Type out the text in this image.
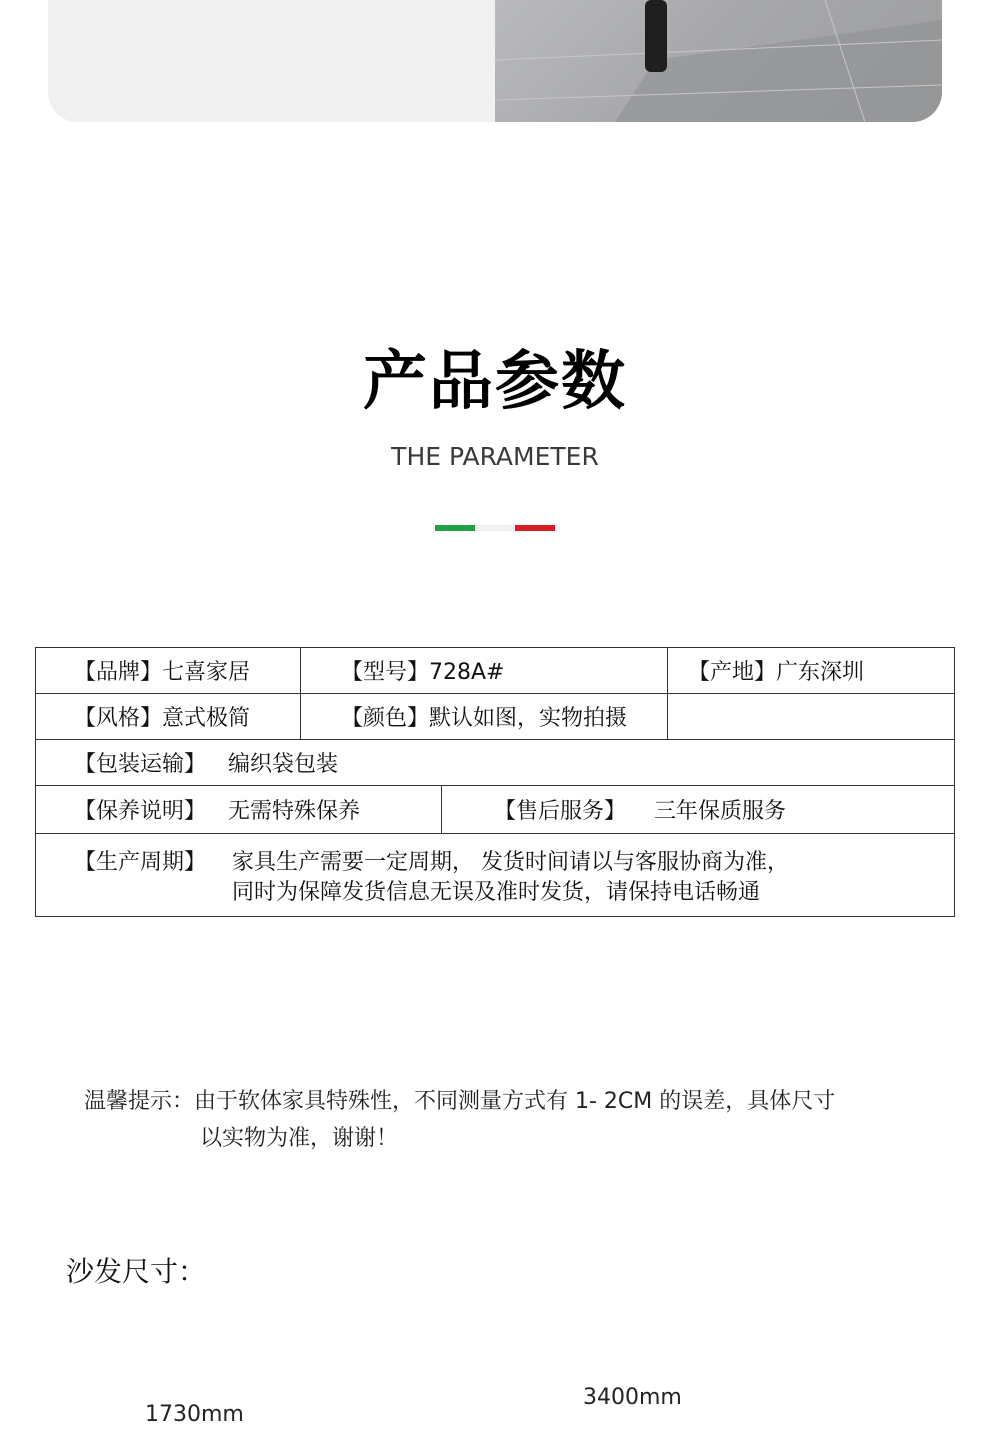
产品参数
THE PARAMETER
【品牌】七喜家居	【型号】728A#	【产地】广东深圳
【风格】意式极简	【颜色】默认如图，实物拍摄	
【包装运输】 编织袋包装		

【保养说明】 无需特殊保养 【售后服务】 三年保质服务		

【生产周期】 家具生产需要一定周期， 发货时间请以与客服协商为准，
同时为保障发货信息无误及准时发货，请保持电话畅通		
温馨提示：由于软体家具特殊性，不同测量方式有 1- 2CM 的误差，具体尺寸
以实物为准，谢谢！
沙发尺寸：
1730mm
3400mm
